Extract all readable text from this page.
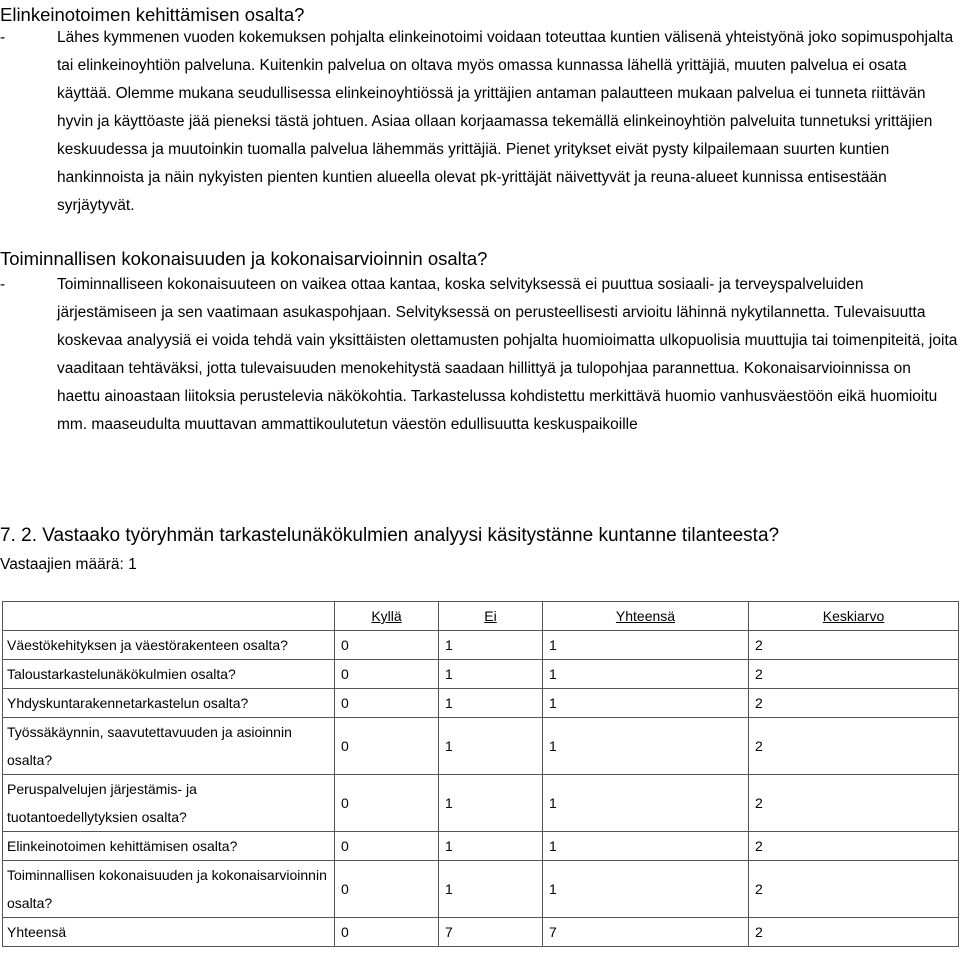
Elinkeinotoimen kehittämisen osalta?
-	Lähes kymmenen vuoden kokemuksen pohjalta elinkeinotoimi voidaan toteuttaa kuntien välisenä yhteistyönä joko sopimuspohjalta tai elinkeinoyhtiön palveluna. Kuitenkin palvelua on oltava myös omassa kunnassa lähellä yrittäjiä, muuten palvelua ei osata käyttää. Olemme mukana seudullisessa elinkeinoyhtiössä ja yrittäjien antaman palautteen mukaan palvelua ei tunneta riittävän hyvin ja käyttöaste jää pieneksi tästä johtuen. Asiaa ollaan korjaamassa tekemällä elinkeinoyhtiön palveluita tunnetuksi yrittäjien keskuudessa ja muutoinkin tuomalla palvelua lähemmäs yrittäjiä. Pienet yritykset eivät pysty kilpailemaan suurten kuntien hankinnoista ja näin nykyisten pienten kuntien alueella olevat pk-yrittäjät näivettyvät ja reuna-alueet kunnissa entisestään syrjäytyvät.
Toiminnallisen kokonaisuuden ja kokonaisarvioinnin osalta?
-	Toiminnalliseen kokonaisuuteen on vaikea ottaa kantaa, koska selvityksessä ei puuttua sosiaali- ja terveyspalveluiden järjestämiseen ja sen vaatimaan asukaspohjaan. Selvityksessä on perusteellisesti arvioitu lähinnä nykytilannetta. Tulevaisuutta koskevaa analyysiä ei voida tehdä vain yksittäisten olettamusten pohjalta huomioimatta ulkopuolisia muuttujia tai toimenpiteitä, joita vaaditaan tehtäväksi, jotta tulevaisuuden menokehitystä saadaan hillittyä ja tulopohjaa parannettua. Kokonaisarvioinnissa on haettu ainoastaan liitoksia perustelevia näkökohtia. Tarkastelussa kohdistettu merkittävä huomio vanhusväestöön eikä huomioitu mm. maaseudulta muuttavan ammattikoulutetun väestön edullisuutta keskuspaikoille
7. 2. Vastaako työryhmän tarkastelunäkökulmien analyysi käsitystänne kuntanne tilanteesta?
Vastaajien määrä: 1
	Kyllä	Ei	Yhteensä	Keskiarvo
Väestökehityksen ja väestörakenteen osalta?	0	1	1	2
Taloustarkastelunäkökulmien osalta?	0	1	1	2
Yhdyskuntarakennetarkastelun osalta?	0	1	1	2
Työssäkäynnin, saavutettavuuden ja asioinnin osalta?	0	1	1	2
Peruspalvelujen järjestämis- ja tuotantoedellytyksien osalta?	0	1	1	2
Elinkeinotoimen kehittämisen osalta?	0	1	1	2
Toiminnallisen kokonaisuuden ja kokonaisarvioinnin osalta?	0	1	1	2
Yhteensä	0	7	7	2
